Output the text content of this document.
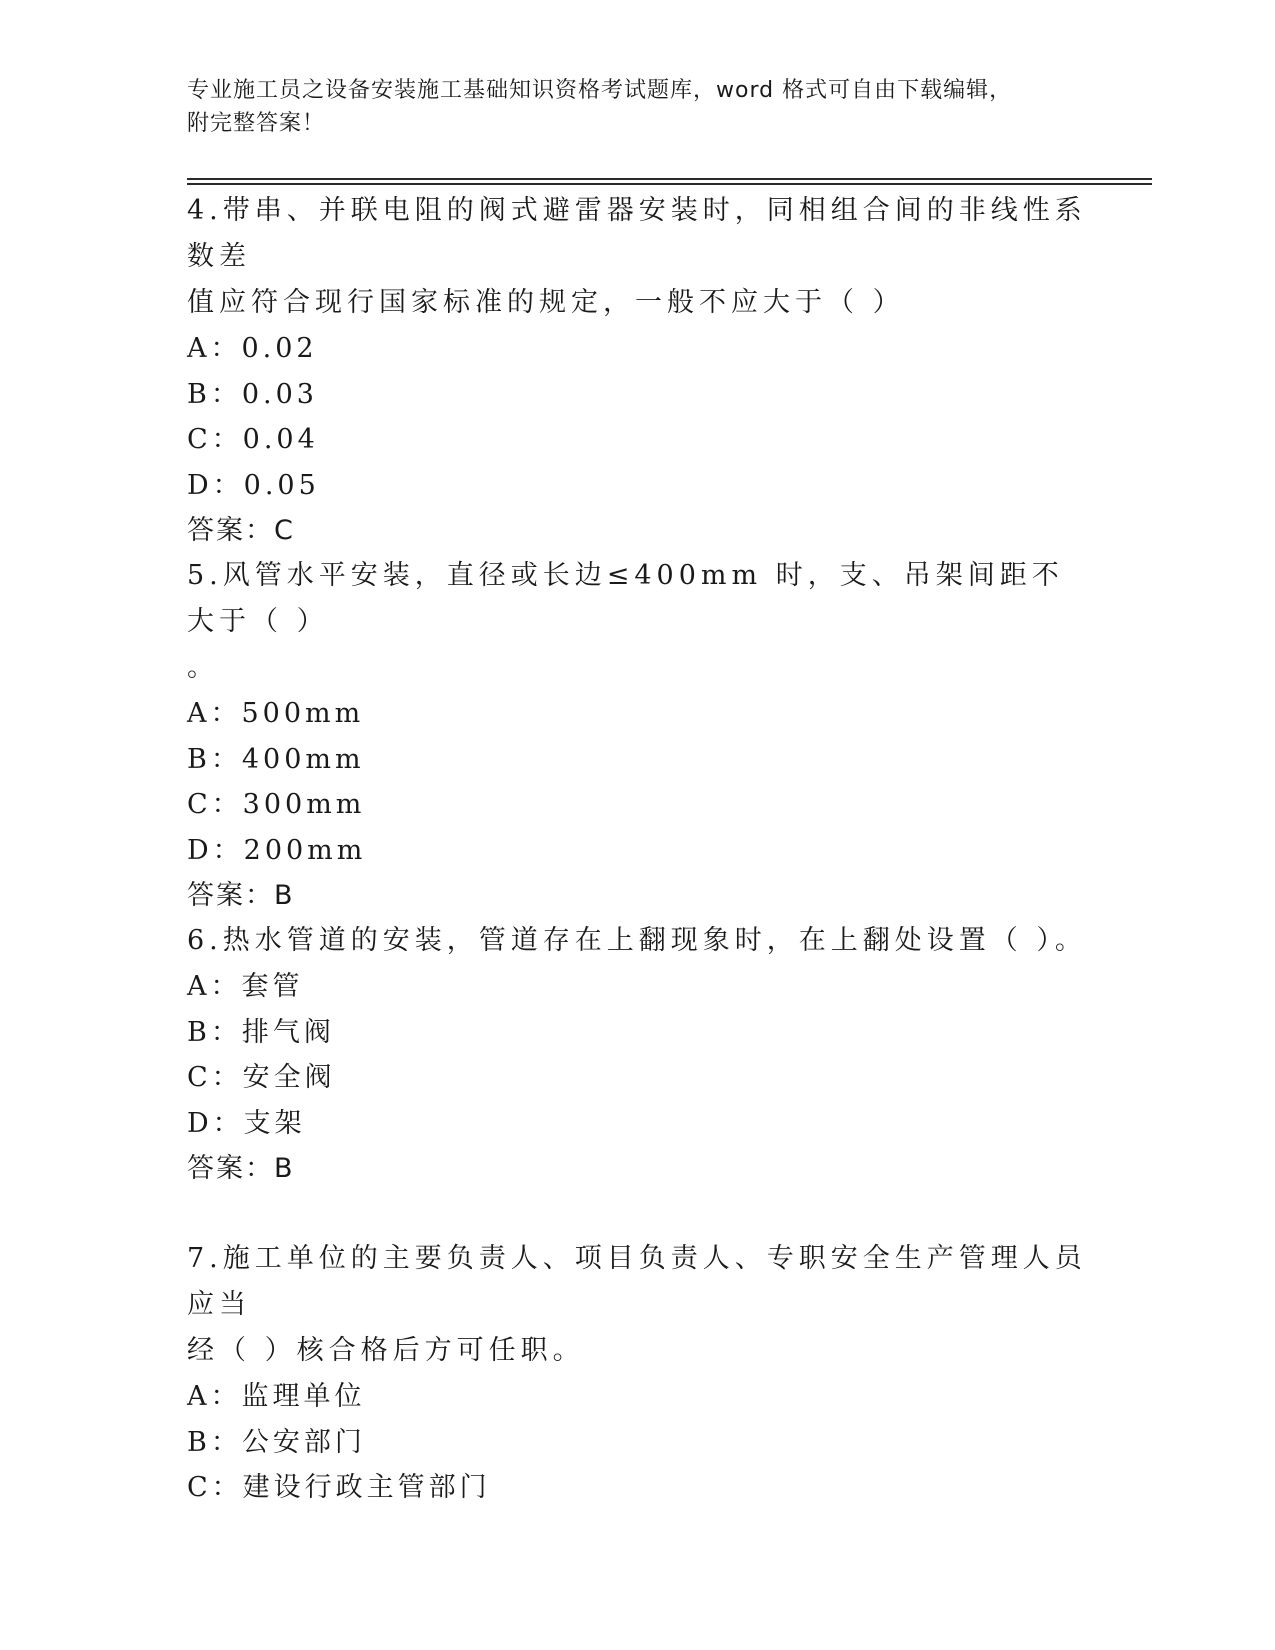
专业施工员之设备安装施工基础知识资格考试题库，word 格式可自由下载编辑，
附完整答案！

4.带串、并联电阻的阀式避雷器安装时，同相组合间的非线性系数差

值应符合现行国家标准的规定，一般不应大于（ ）

A：0.02

B：0.03

C：0.04

D：0.05

答案：C

5.风管水平安装，直径或长边≤400mm 时，支、吊架间距不大于（ ）

。

A：500mm

B：400mm

C：300mm

D：200mm

答案：B

6.热水管道的安装，管道存在上翻现象时，在上翻处设置（ ）。

A：套管

B：排气阀

C：安全阀

D：支架

答案：B

7.施工单位的主要负责人、项目负责人、专职安全生产管理人员应当

经（ ）核合格后方可任职。

A：监理单位

B：公安部门

C：建设行政主管部门
